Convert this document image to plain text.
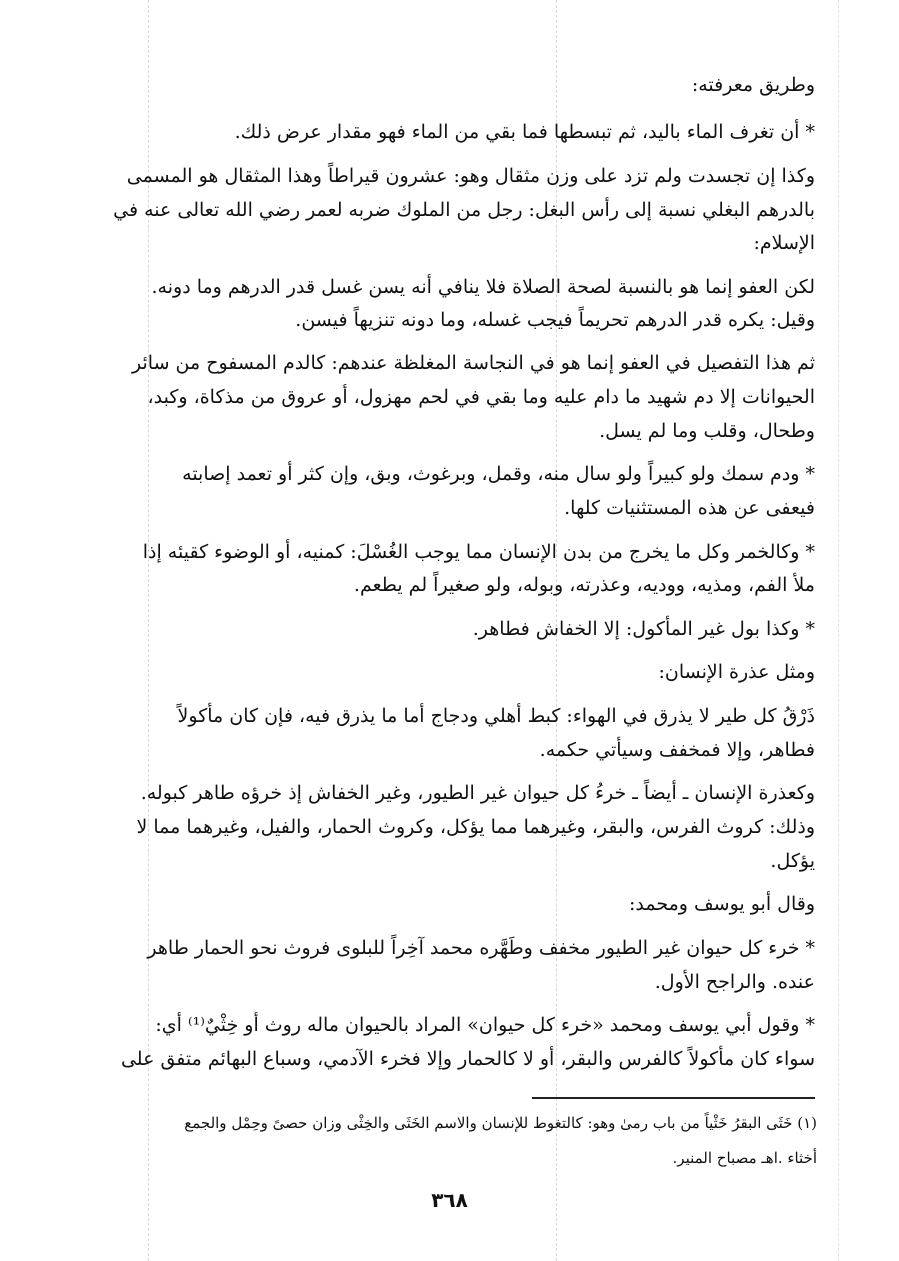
وطريق معرفته:
* أن تغرف الماء باليد، ثم تبسطها فما بقي من الماء فهو مقدار عرض ذلك.
وكذا إن تجسدت ولم تزد على وزن مثقال وهو: عشرون قيراطاً وهذا المثقال هو المسمى
بالدرهم البغلي نسبة إلى رأس البغل: رجل من الملوك ضربه لعمر رضي الله تعالى عنه في
الإسلام:
لكن العفو إنما هو بالنسبة لصحة الصلاة فلا ينافي أنه يسن غسل قدر الدرهم وما دونه.
وقيل: يكره قدر الدرهم تحريماً فيجب غسله، وما دونه تنزيهاً فيسن.
ثم هذا التفصيل في العفو إنما هو في النجاسة المغلظة عندهم: كالدم المسفوح من سائر
الحيوانات إلا دم شهيد ما دام عليه وما بقي في لحم مهزول، أو عروق من مذكاة، وكبد،
وطحال، وقلب وما لم يسل.
* ودم سمك ولو كبيراً ولو سال منه، وقمل، وبرغوث، وبق، وإن كثر أو تعمد إصابته
فيعفى عن هذه المستثنيات كلها.
* وكالخمر وكل ما يخرج من بدن الإنسان مما يوجب الغُسْلَ: كمنيه، أو الوضوء كقيئه إذا
ملأ الفم، ومذيه، ووديه، وعذرته، وبوله، ولو صغيراً لم يطعم.
* وكذا بول غير المأكول: إلا الخفاش فطاهر.
ومثل عذرة الإنسان:
ذَرْقُ كل طير لا يذرق في الهواء: كبط أهلي ودجاج أما ما يذرق فيه، فإن كان مأكولاً
فطاهر، وإلا فمخفف وسيأتي حكمه.
وكعذرة الإنسان ـ أيضاً ـ خرءُ كل حيوان غير الطيور، وغير الخفاش إذ خرؤه طاهر كبوله.
وذلك: كروث الفرس، والبقر، وغيرهما مما يؤكل، وكروث الحمار، والفيل، وغيرهما مما لا
يؤكل.
وقال أبو يوسف ومحمد:
* خرء كل حيوان غير الطيور مخفف وطَهَّره محمد آخِراً للبلوى فروث نحو الحمار طاهر
عنده. والراجح الأول.
* وقول أبي يوسف ومحمد «خرء كل حيوان» المراد بالحيوان ماله روث أو خِثْيٌ⁽¹⁾ أي:
سواء كان مأكولاً كالفرس والبقر، أو لا كالحمار وإلا فخرء الآدمي، وسباع البهائم متفق على
(١) خَثَى البقرُ خَثْياً من باب رمىٰ وهو: كالتغوط للإنسان والاسم الخَثَى والخِثْى وزان حصىً وحِمْل والجمع
أخثاء .اهـ مصباح المنير.
٣٦٨
